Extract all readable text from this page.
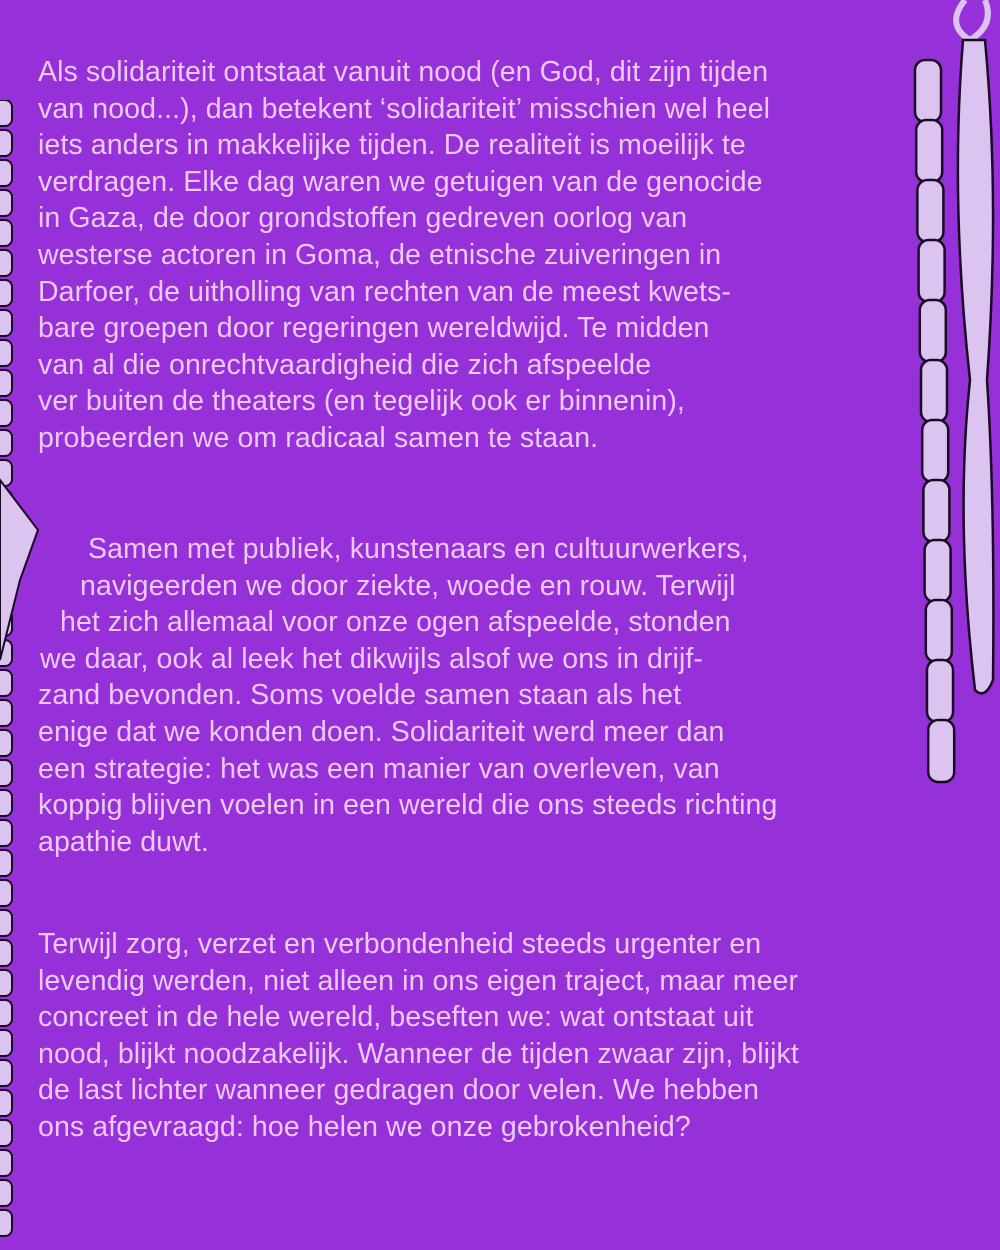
Als solidariteit ontstaat vanuit nood (en God, dit zijn tijden
van nood...), dan betekent ‘solidariteit’ misschien wel heel
iets anders in makkelijke tijden. De realiteit is moeilijk te
verdragen. Elke dag waren we getuigen van de genocide
in Gaza, de door grondstoffen gedreven oorlog van
westerse actoren in Goma, de etnische zuiveringen in
Darfoer, de uitholling van rechten van de meest kwets-
bare groepen door regeringen wereldwijd. Te midden
van al die onrechtvaardigheid die zich afspeelde
ver buiten de theaters (en tegelijk ook er binnenin),
probeerden we om radicaal samen te staan.
Samen met publiek, kunstenaars en cultuurwerkers,
navigeerden we door ziekte, woede en rouw. Terwijl
het zich allemaal voor onze ogen afspeelde, stonden
we daar, ook al leek het dikwijls alsof we ons in drijf-
zand bevonden. Soms voelde samen staan als het
enige dat we konden doen. Solidariteit werd meer dan
een strategie: het was een manier van overleven, van
koppig blijven voelen in een wereld die ons steeds richting
apathie duwt.
Terwijl zorg, verzet en verbondenheid steeds urgenter en
levendig werden, niet alleen in ons eigen traject, maar meer
concreet in de hele wereld, beseften we: wat ontstaat uit
nood, blijkt noodzakelijk. Wanneer de tijden zwaar zijn, blijkt
de last lichter wanneer gedragen door velen. We hebben
ons afgevraagd: hoe helen we onze gebrokenheid?
